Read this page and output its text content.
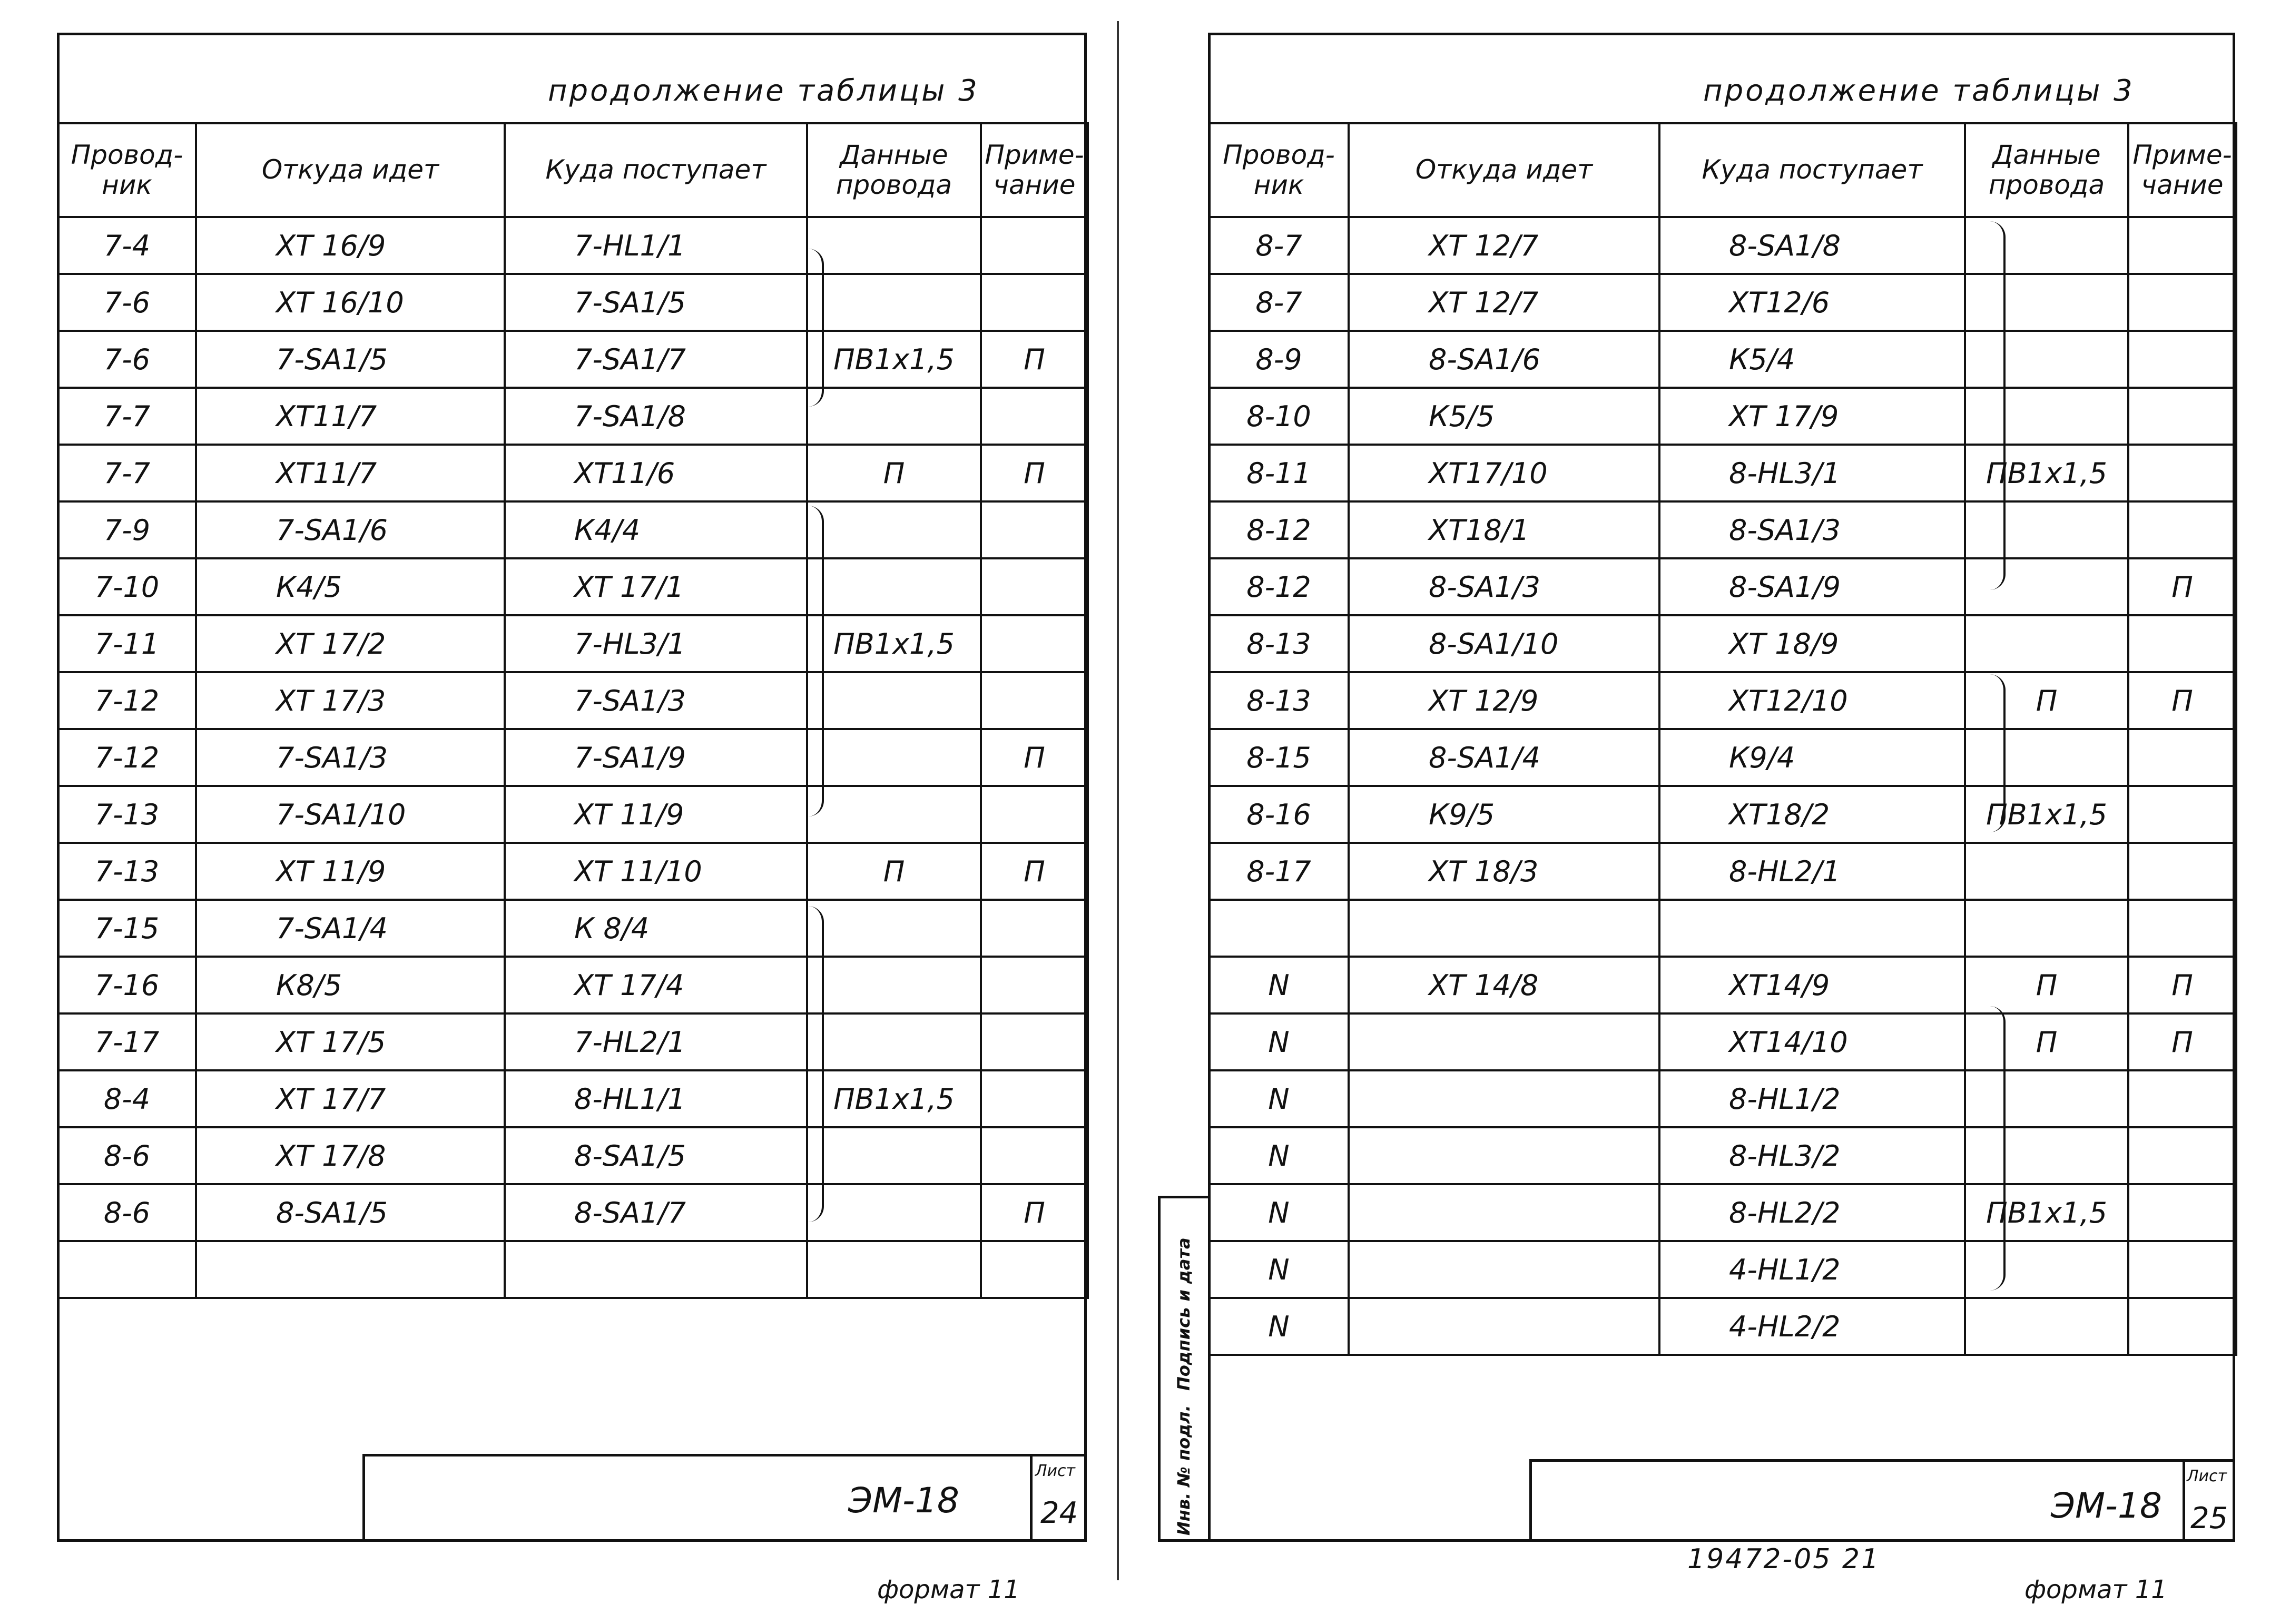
продолжение таблицы 3
Провод-ник	Откуда идет	Куда поступает	Данные провода	Приме-чание
7-4	XT 16/9	7-HL1/1		
7-6	XT 16/10	7-SA1/5		
7-6	7-SA1/5	7-SA1/7	ПВ1х1,5	П
7-7	XT11/7	7-SA1/8		
7-7	XT11/7	XT11/6	П	П
7-9	7-SA1/6	К4/4		
7-10	К4/5	XT 17/1		
7-11	XT 17/2	7-HL3/1	ПВ1х1,5	
7-12	XT 17/3	7-SA1/3		
7-12	7-SA1/3	7-SA1/9		П
7-13	7-SA1/10	XT 11/9		
7-13	XT 11/9	XT 11/10	П	П
7-15	7-SA1/4	К 8/4		
7-16	К8/5	XT 17/4		
7-17	XT 17/5	7-HL2/1		
8-4	XT 17/7	8-HL1/1	ПВ1х1,5	
8-6	XT 17/8	8-SA1/5		
8-6	8-SA1/5	8-SA1/7		П

ЭМ-18
Лист
24
формат 11
продолжение таблицы 3
Провод-ник	Откуда идет	Куда поступает	Данные провода	Приме-чание
8-7	XT 12/7	8-SA1/8		
8-7	XT 12/7	XT12/6		
8-9	8-SA1/6	К5/4		
8-10	К5/5	XT 17/9		
8-11	XT17/10	8-HL3/1	ПВ1х1,5	
8-12	XT18/1	8-SA1/3		
8-12	8-SA1/3	8-SA1/9		П
8-13	8-SA1/10	XT 18/9		
8-13	XT 12/9	XT12/10	П	П
8-15	8-SA1/4	К9/4		
8-16	К9/5	XT18/2	ПВ1х1,5	
8-17	XT 18/3	8-HL2/1		

N	XT 14/8	XT14/9	П	П
N		XT14/10	П	П
N		8-HL1/2		
N		8-HL3/2		
N		8-HL2/2	ПВ1х1,5	
N		4-HL1/2		
N		4-HL2/2		
Подпись и дата
Инв. № подл.	ЭМ-18
Лист
25
19472-05 21
формат 11
